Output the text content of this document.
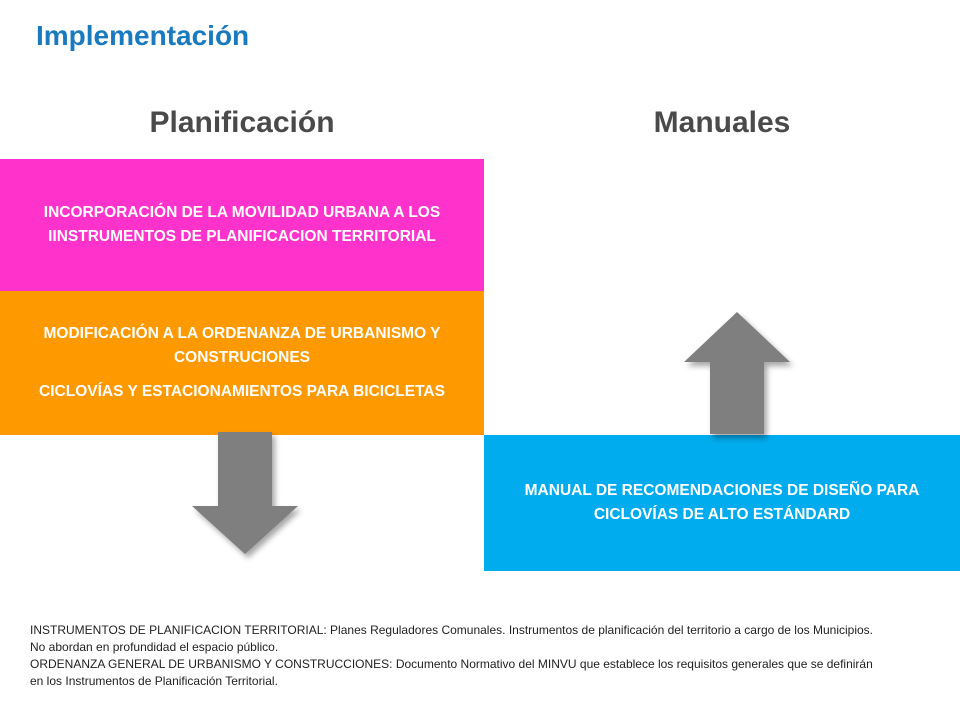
Implementación
Planificación	Manuales
INCORPORACIÓN DE LA MOVILIDAD URBANA A LOS IINSTRUMENTOS DE PLANIFICACION TERRITORIAL

MODIFICACIÓN A LA ORDENANZA DE URBANISMO Y CONSTRUCIONES

CICLOVÍAS Y ESTACIONAMIENTOS PARA BICICLETAS

MANUAL DE RECOMENDACIONES DE DISEÑO PARA CICLOVÍAS DE ALTO ESTÁNDARD

INSTRUMENTOS DE PLANIFICACION TERRITORIAL: Planes Reguladores Comunales. Instrumentos de planificación del territorio a cargo de los Municipios. No abordan en profundidad el espacio público.

ORDENANZA GENERAL DE URBANISMO Y CONSTRUCCIONES: Documento Normativo del MINVU que establece los requisitos generales que se definirán en los Instrumentos de Planificación Territorial.
